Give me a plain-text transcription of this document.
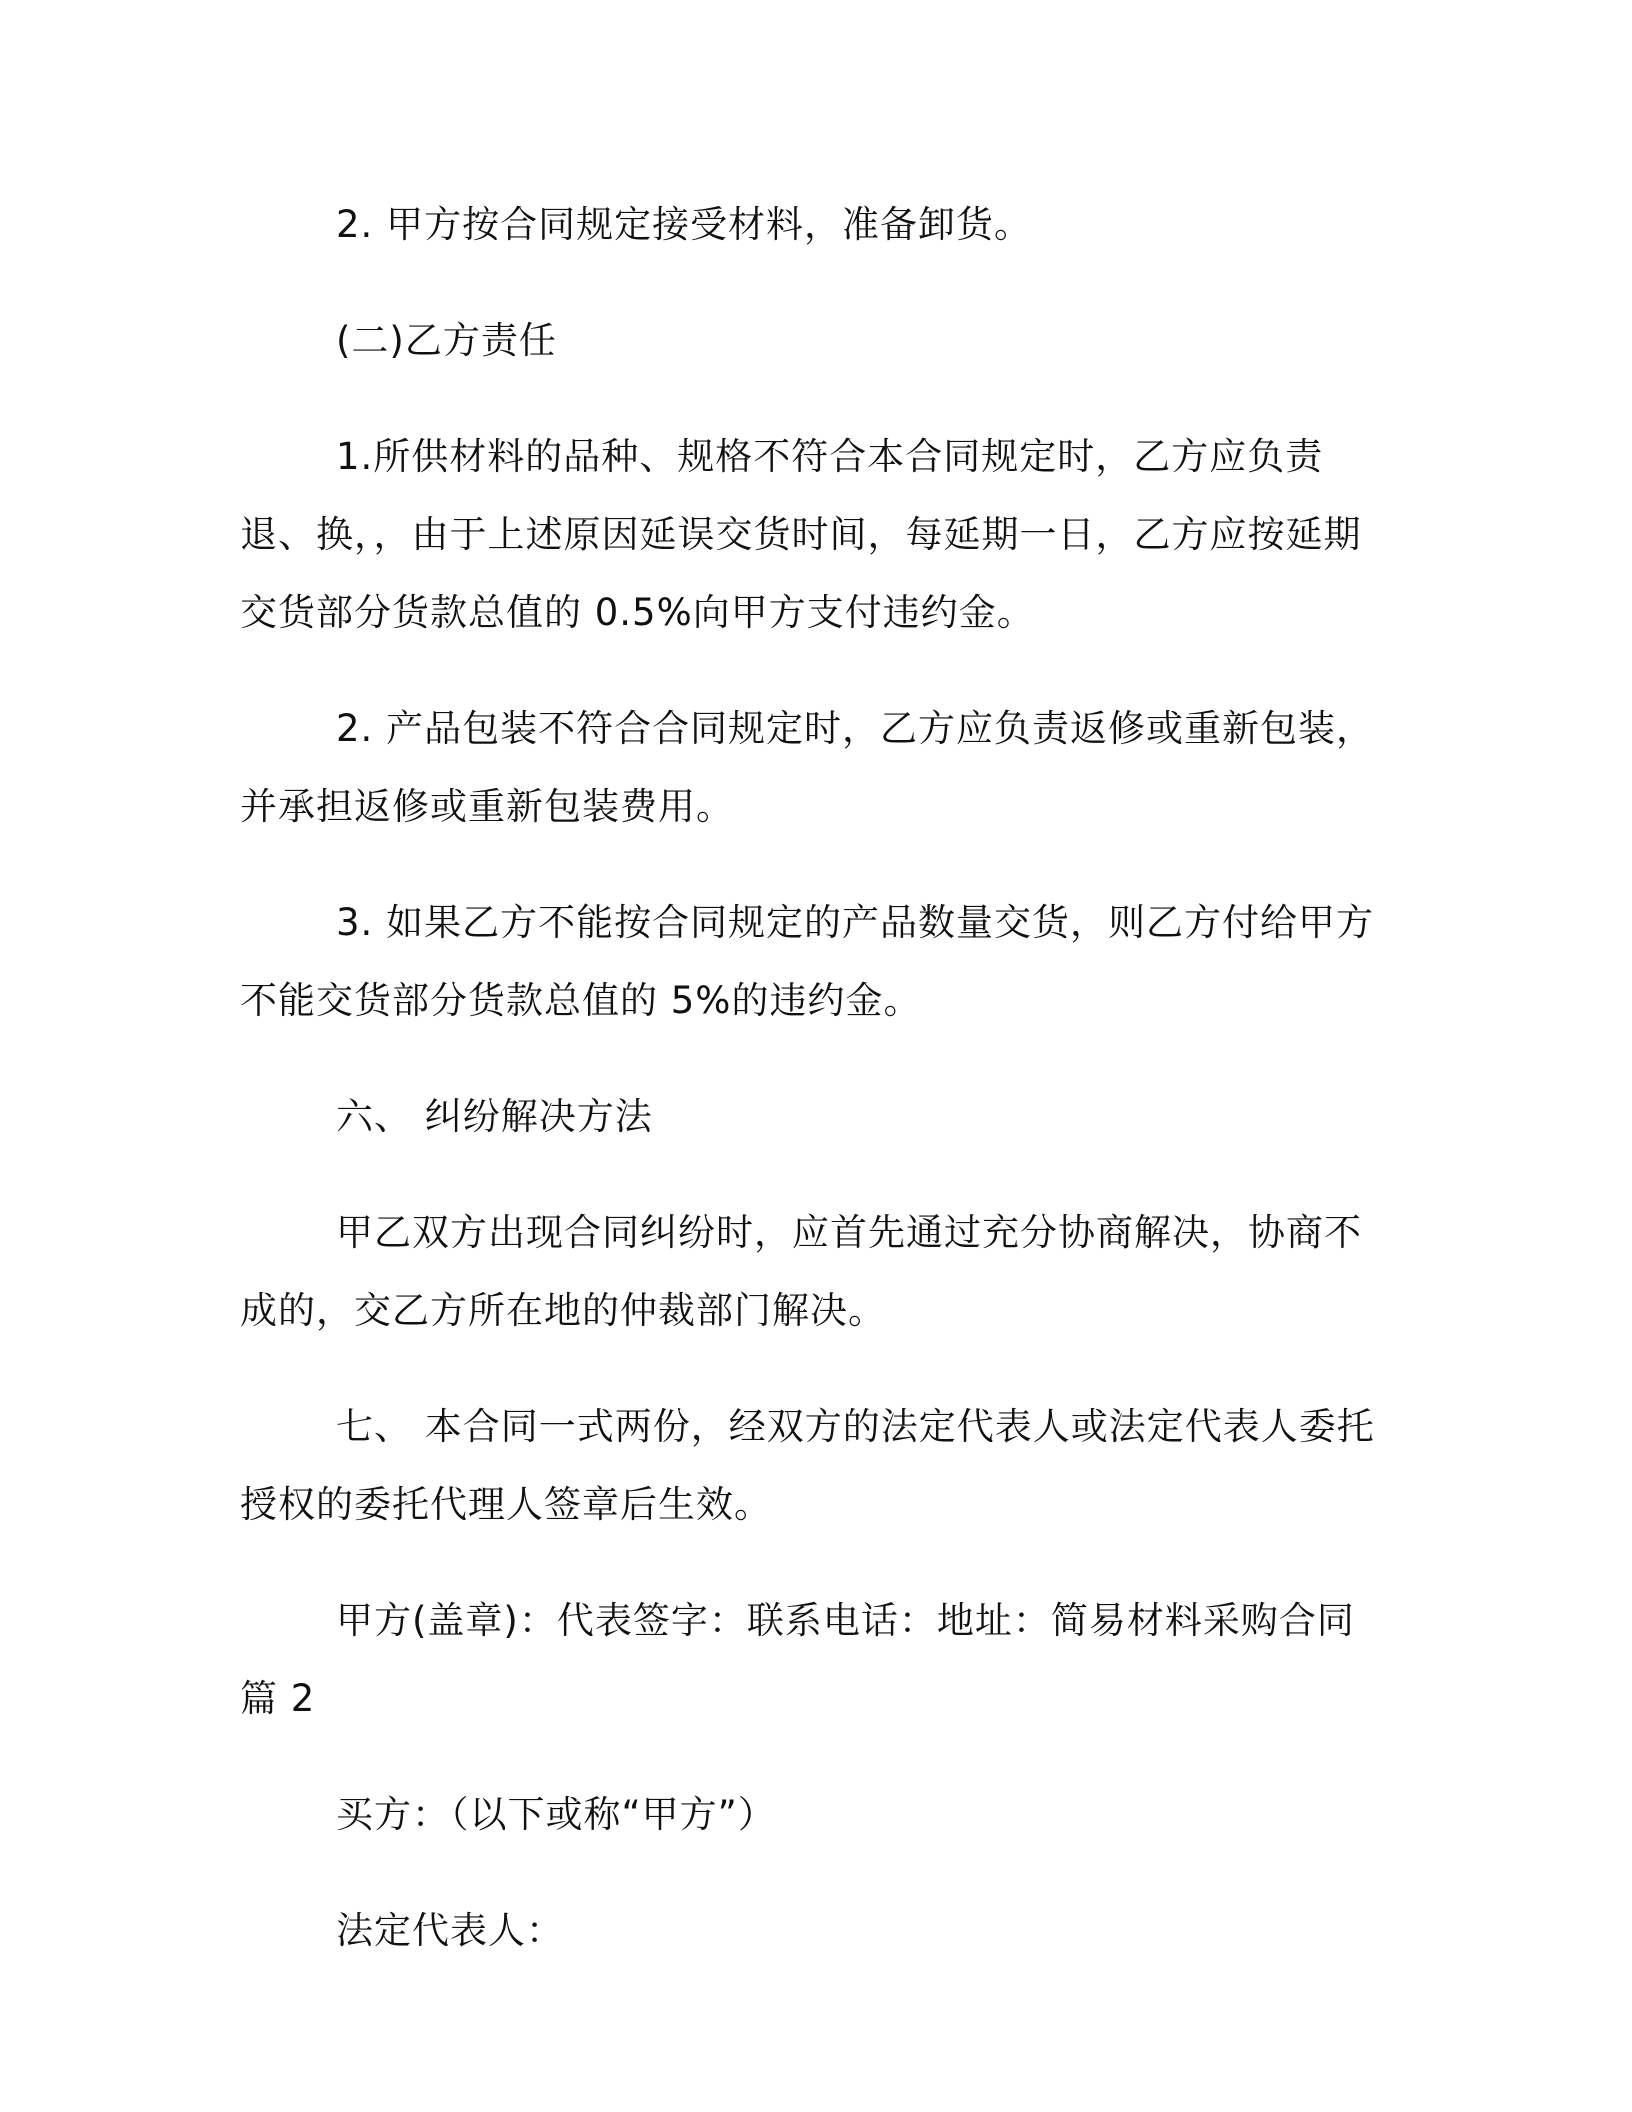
2. 甲方按合同规定接受材料，准备卸货。

(二)乙方责任

1.所供材料的品种、规格不符合本合同规定时，乙方应负责退、换，，由于上述原因延误交货时间，每延期一日，乙方应按延期交货部分货款总值的 0.5%向甲方支付违约金。

2. 产品包装不符合合同规定时，乙方应负责返修或重新包装，并承担返修或重新包装费用。

3. 如果乙方不能按合同规定的产品数量交货，则乙方付给甲方不能交货部分货款总值的 5%的违约金。

六、 纠纷解决方法

甲乙双方出现合同纠纷时，应首先通过充分协商解决，协商不成的，交乙方所在地的仲裁部门解决。

七、 本合同一式两份，经双方的法定代表人或法定代表人委托授权的委托代理人签章后生效。

甲方(盖章)：代表签字：联系电话：地址：简易材料采购合同 篇 2

买方：（以下或称“甲方”）

法定代表人：
